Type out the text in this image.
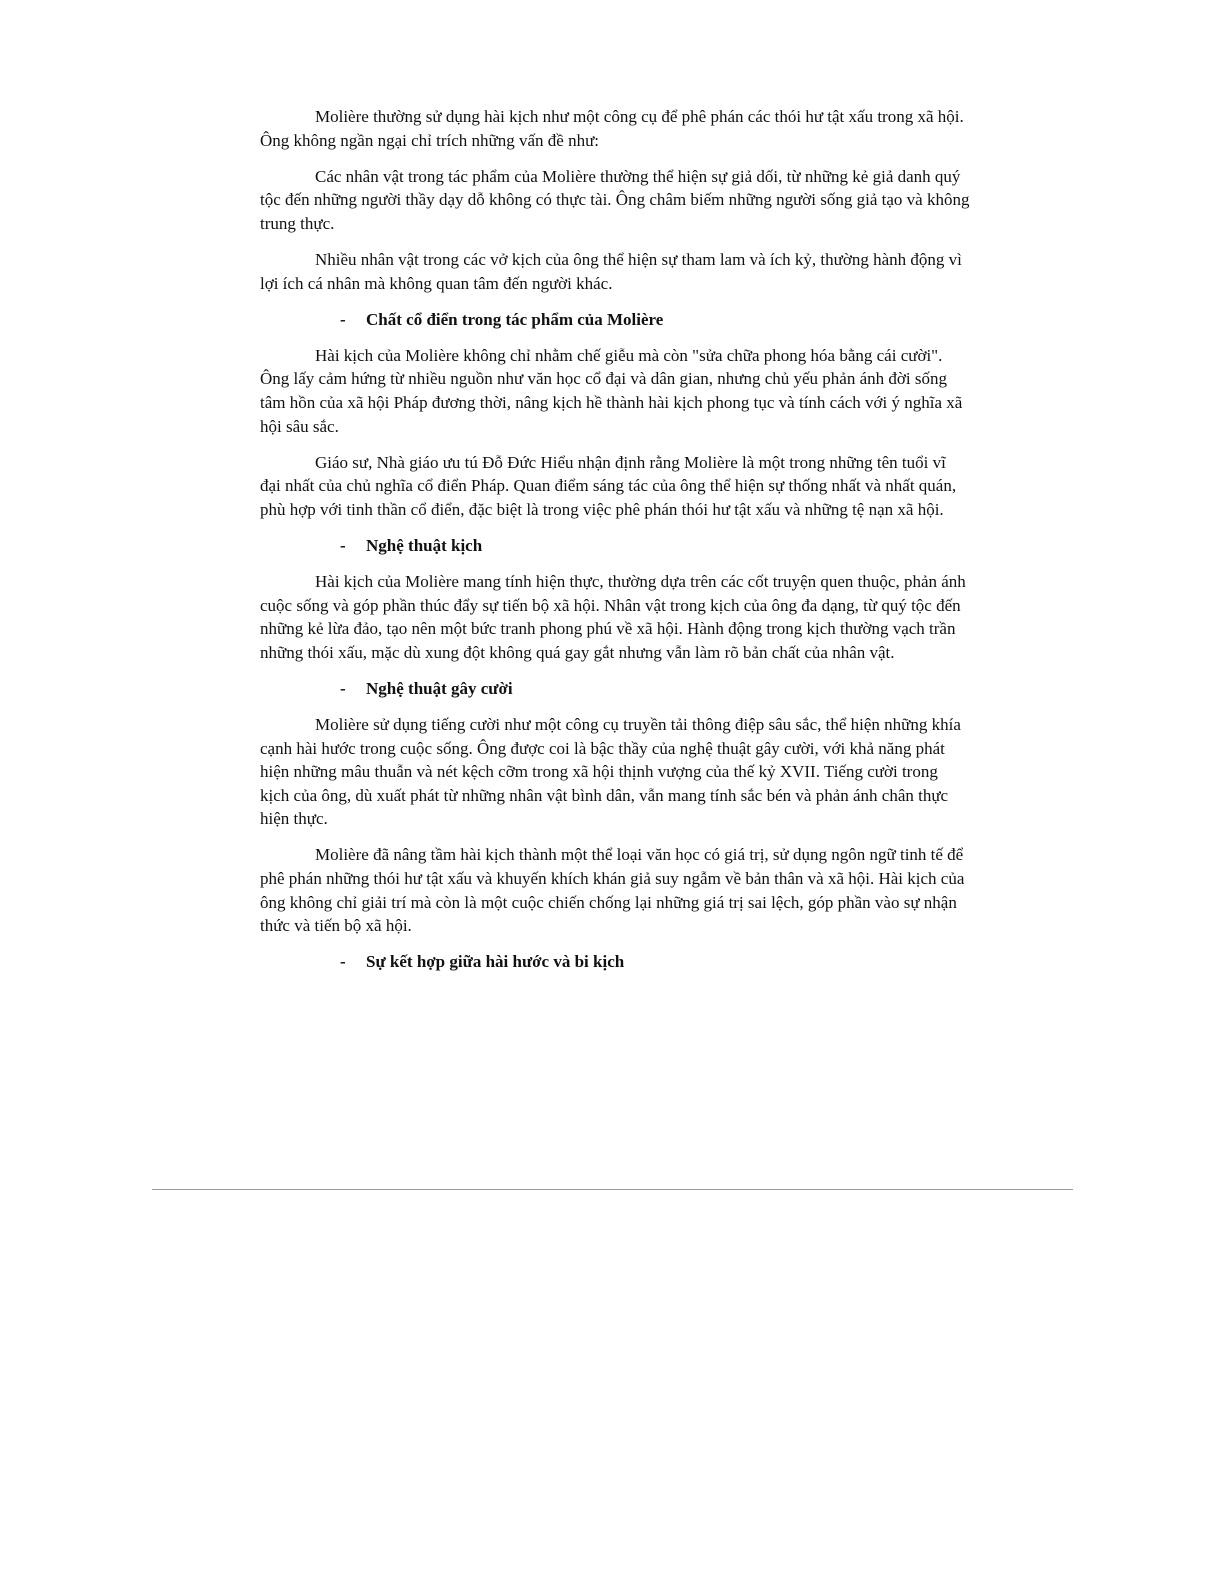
Molière thường sử dụng hài kịch như một công cụ để phê phán các thói hư tật xấu trong xã hội. Ông không ngần ngại chỉ trích những vấn đề như:

Các nhân vật trong tác phẩm của Molière thường thể hiện sự giả dối, từ những kẻ giả danh quý tộc đến những người thầy dạy dỗ không có thực tài. Ông châm biếm những người sống giả tạo và không trung thực.

Nhiều nhân vật trong các vở kịch của ông thể hiện sự tham lam và ích kỷ, thường hành động vì lợi ích cá nhân mà không quan tâm đến người khác.

-	Chất cổ điển trong tác phẩm của Molière

Hài kịch của Molière không chỉ nhằm chế giễu mà còn "sửa chữa phong hóa bằng cái cười". Ông lấy cảm hứng từ nhiều nguồn như văn học cổ đại và dân gian, nhưng chủ yếu phản ánh đời sống tâm hồn của xã hội Pháp đương thời, nâng kịch hề thành hài kịch phong tục và tính cách với ý nghĩa xã hội sâu sắc.

Giáo sư, Nhà giáo ưu tú Đỗ Đức Hiểu nhận định rằng Molière là một trong những tên tuổi vĩ đại nhất của chủ nghĩa cổ điển Pháp. Quan điểm sáng tác của ông thể hiện sự thống nhất và nhất quán, phù hợp với tinh thần cổ điển, đặc biệt là trong việc phê phán thói hư tật xấu và những tệ nạn xã hội.

-	Nghệ thuật kịch

Hài kịch của Molière mang tính hiện thực, thường dựa trên các cốt truyện quen thuộc, phản ánh cuộc sống và góp phần thúc đẩy sự tiến bộ xã hội. Nhân vật trong kịch của ông đa dạng, từ quý tộc đến những kẻ lừa đảo, tạo nên một bức tranh phong phú về xã hội. Hành động trong kịch thường vạch trần những thói xấu, mặc dù xung đột không quá gay gắt nhưng vẫn làm rõ bản chất của nhân vật.

-	Nghệ thuật gây cười

Molière sử dụng tiếng cười như một công cụ truyền tải thông điệp sâu sắc, thể hiện những khía cạnh hài hước trong cuộc sống. Ông được coi là bậc thầy của nghệ thuật gây cười, với khả năng phát hiện những mâu thuẫn và nét kệch cỡm trong xã hội thịnh vượng của thế kỷ XVII. Tiếng cười trong kịch của ông, dù xuất phát từ những nhân vật bình dân, vẫn mang tính sắc bén và phản ánh chân thực hiện thực.

Molière đã nâng tầm hài kịch thành một thể loại văn học có giá trị, sử dụng ngôn ngữ tinh tế để phê phán những thói hư tật xấu và khuyến khích khán giả suy ngẫm về bản thân và xã hội. Hài kịch của ông không chỉ giải trí mà còn là một cuộc chiến chống lại những giá trị sai lệch, góp phần vào sự nhận thức và tiến bộ xã hội.

-	Sự kết hợp giữa hài hước và bi kịch
